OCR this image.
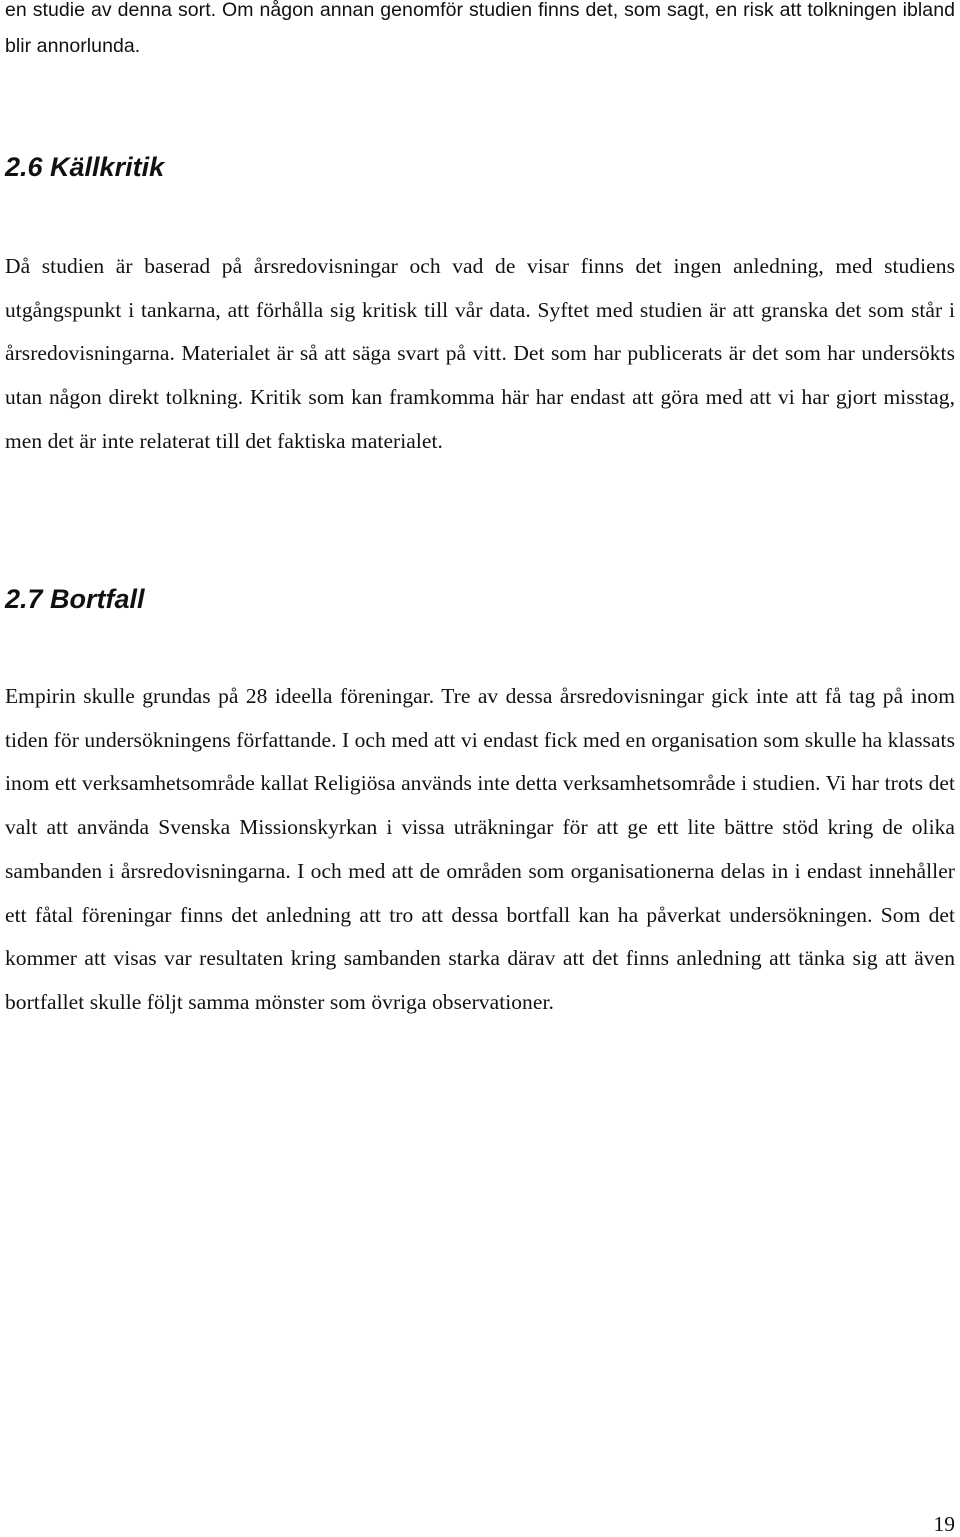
en studie av denna sort. Om någon annan genomför studien finns det, som sagt, en risk att tolkningen ibland blir annorlunda.

2.6 Källkritik

Då studien är baserad på årsredovisningar och vad de visar finns det ingen anledning, med studiens utgångspunkt i tankarna, att förhålla sig kritisk till vår data. Syftet med studien är att granska det som står i årsredovisningarna. Materialet är så att säga svart på vitt. Det som har publicerats är det som har undersökts utan någon direkt tolkning. Kritik som kan framkomma här har endast att göra med att vi har gjort misstag, men det är inte relaterat till det faktiska materialet.

2.7 Bortfall

Empirin skulle grundas på 28 ideella föreningar. Tre av dessa årsredovisningar gick inte att få tag på inom tiden för undersökningens författande. I och med att vi endast fick med en organisation som skulle ha klassats inom ett verksamhetsområde kallat Religiösa används inte detta verksamhetsområde i studien. Vi har trots det valt att använda Svenska Missionskyrkan i vissa uträkningar för att ge ett lite bättre stöd kring de olika sambanden i årsredovisningarna. I och med att de områden som organisationerna delas in i endast innehåller ett fåtal föreningar finns det anledning att tro att dessa bortfall kan ha påverkat undersökningen. Som det kommer att visas var resultaten kring sambanden starka därav att det finns anledning att tänka sig att även bortfallet skulle följt samma mönster som övriga observationer.

19
